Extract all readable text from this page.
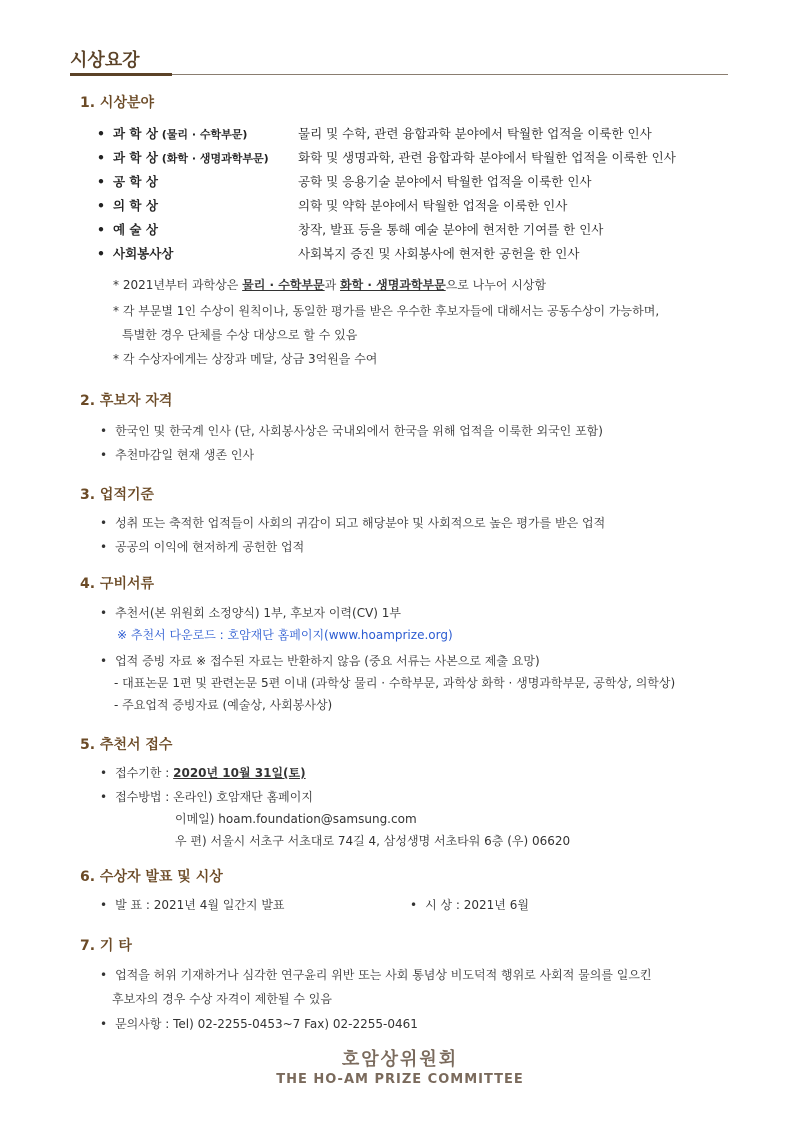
시상요강
1. 시상분야
• 과 학 상 (물리 · 수학부문)	물리 및 수학, 관련 융합과학 분야에서 탁월한 업적을 이룩한 인사
• 과 학 상 (화학 · 생명과학부문) 화학 및 생명과학, 관련 융합과학 분야에서 탁월한 업적을 이룩한 인사
• 공 학 상	공학 및 응용기술 분야에서 탁월한 업적을 이룩한 인사
• 의 학 상	의학 및 약학 분야에서 탁월한 업적을 이룩한 인사
• 예 술 상	창작, 발표 등을 통해 예술 분야에 현저한 기여를 한 인사
• 사회봉사상	사회복지 증진 및 사회봉사에 현저한 공헌을 한 인사
* 2021년부터 과학상은 물리 · 수학부문과 화학 · 생명과학부문으로 나누어 시상함
* 각 부문별 1인 수상이 원칙이나, 동일한 평가를 받은 우수한 후보자들에 대해서는 공동수상이 가능하며,
특별한 경우 단체를 수상 대상으로 할 수 있음
* 각 수상자에게는 상장과 메달, 상금 3억원을 수여
2. 후보자 자격
• 한국인 및 한국계 인사 (단, 사회봉사상은 국내외에서 한국을 위해 업적을 이룩한 외국인 포함)
• 추천마감일 현재 생존 인사
3. 업적기준
• 성취 또는 축적한 업적들이 사회의 귀감이 되고 해당분야 및 사회적으로 높은 평가를 받은 업적
• 공공의 이익에 현저하게 공헌한 업적
4. 구비서류
• 추천서(본 위원회 소정양식) 1부, 후보자 이력(CV) 1부
※ 추천서 다운로드 : 호암재단 홈페이지(www.hoamprize.org)
• 업적 증빙 자료 ※ 접수된 자료는 반환하지 않음 (중요 서류는 사본으로 제출 요망)
- 대표논문 1편 및 관련논문 5편 이내 (과학상 물리 · 수학부문, 과학상 화학 · 생명과학부문, 공학상, 의학상)
- 주요업적 증빙자료 (예술상, 사회봉사상)
5. 추천서 접수
• 접수기한 : 2020년 10월 31일(토)
• 접수방법 : 온라인) 호암재단 홈페이지
이메일) hoam.foundation@samsung.com
우 편) 서울시 서초구 서초대로 74길 4, 삼성생명 서초타워 6층 (우) 06620
6. 수상자 발표 및 시상
• 발 표 : 2021년 4월 일간지 발표
•	시 상 : 2021년 6월
7. 기 타
• 업적을 허위 기재하거나 심각한 연구윤리 위반 또는 사회 통념상 비도덕적 행위로 사회적 물의를 일으킨
후보자의 경우 수상 자격이 제한될 수 있음
• 문의사항 : Tel) 02-2255-0453~7 Fax) 02-2255-0461
호암상위원회
THE HO-AM PRIZE COMMITTEE
